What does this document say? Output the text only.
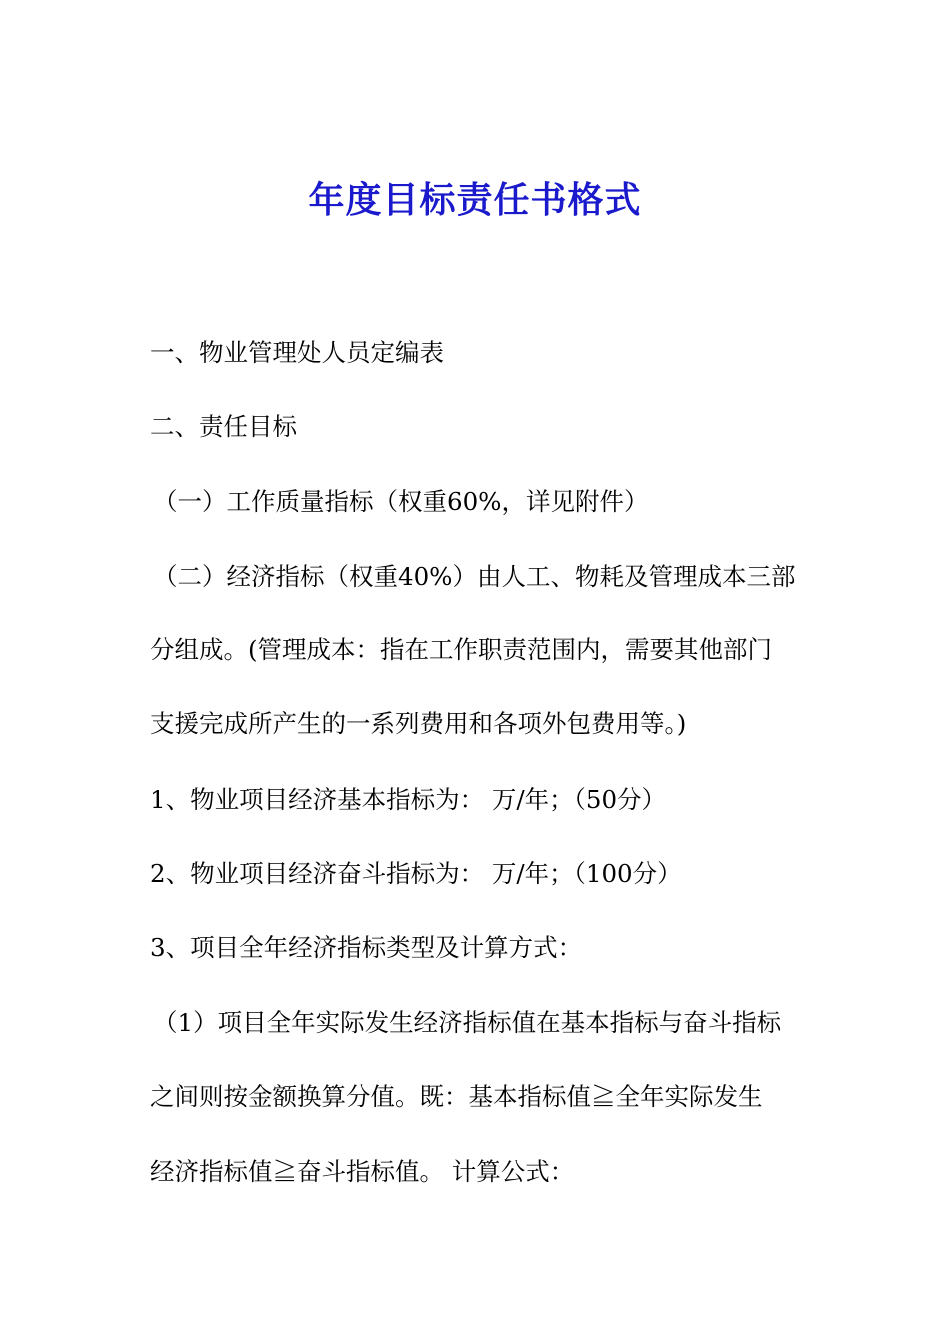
年度目标责任书格式
一、物业管理处人员定编表
二、责任目标
（一）工作质量指标（权重60%，详见附件）
（二）经济指标（权重40%）由人工、物耗及管理成本三部
分组成。(管理成本：指在工作职责范围内，需要其他部门
支援完成所产生的一系列费用和各项外包费用等。)
1、物业项目经济基本指标为： 万/年；（50分）
2、物业项目经济奋斗指标为： 万/年；（100分）
3、项目全年经济指标类型及计算方式：
（1）项目全年实际发生经济指标值在基本指标与奋斗指标
之间则按金额换算分值。既：基本指标值≧全年实际发生
经济指标值≧奋斗指标值。 计算公式：
